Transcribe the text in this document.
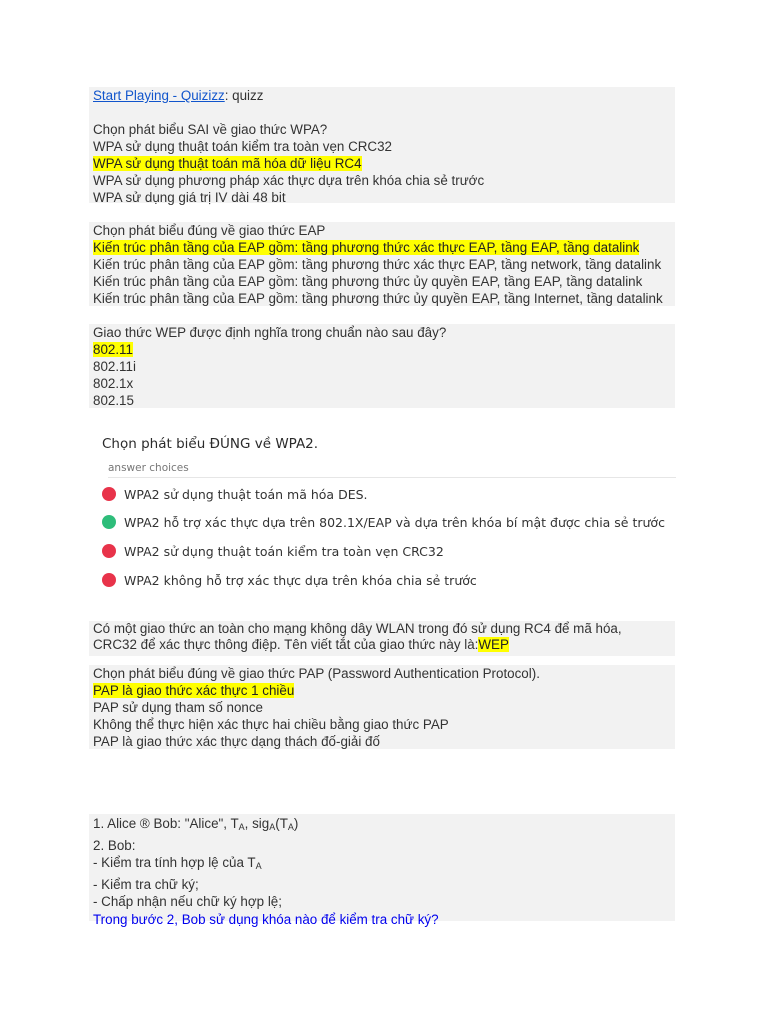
Start Playing - Quizizz: quizz
Chọn phát biểu SAI về giao thức WPA?
WPA sử dụng thuật toán kiểm tra toàn vẹn CRC32
WPA sử dụng thuật toán mã hóa dữ liệu RC4
WPA sử dụng phương pháp xác thực dựa trên khóa chia sẻ trước
WPA sử dụng giá trị IV dài 48 bit
Chọn phát biểu đúng về giao thức EAP
Kiến trúc phân tầng của EAP gồm: tầng phương thức xác thực EAP, tầng EAP, tầng datalink
Kiến trúc phân tầng của EAP gồm: tầng phương thức xác thực EAP, tầng network, tầng datalink
Kiến trúc phân tầng của EAP gồm: tầng phương thức ủy quyền EAP, tầng EAP, tầng datalink
Kiến trúc phân tầng của EAP gồm: tầng phương thức ủy quyền EAP, tầng Internet, tầng datalink
Giao thức WEP được định nghĩa trong chuẩn nào sau đây?
802.11
802.11i
802.1x
802.15
Chọn phát biểu ĐÚNG về WPA2.
answer choices
WPA2 sử dụng thuật toán mã hóa DES.
WPA2 hỗ trợ xác thực dựa trên 802.1X/EAP và dựa trên khóa bí mật được chia sẻ trước
WPA2 sử dụng thuật toán kiểm tra toàn vẹn CRC32
WPA2 không hỗ trợ xác thực dựa trên khóa chia sẻ trước
Có một giao thức an toàn cho mạng không dây WLAN trong đó sử dụng RC4 để mã hóa,
CRC32 để xác thực thông điệp. Tên viết tắt của giao thức này là:WEP
Chọn phát biểu đúng về giao thức PAP (Password Authentication Protocol).
PAP là giao thức xác thực 1 chiều
PAP sử dụng tham số nonce
Không thể thực hiện xác thực hai chiều bằng giao thức PAP
PAP là giao thức xác thực dạng thách đố-giải đố
1. Alice ® Bob: "Alice", $T_A$, $sig_A(T_A)$
2. Bob:
- Kiểm tra tính hợp lệ của $T_A$
- Kiểm tra chữ ký;
- Chấp nhận nếu chữ ký hợp lệ;
Trong bước 2, Bob sử dụng khóa nào để kiểm tra chữ ký?
